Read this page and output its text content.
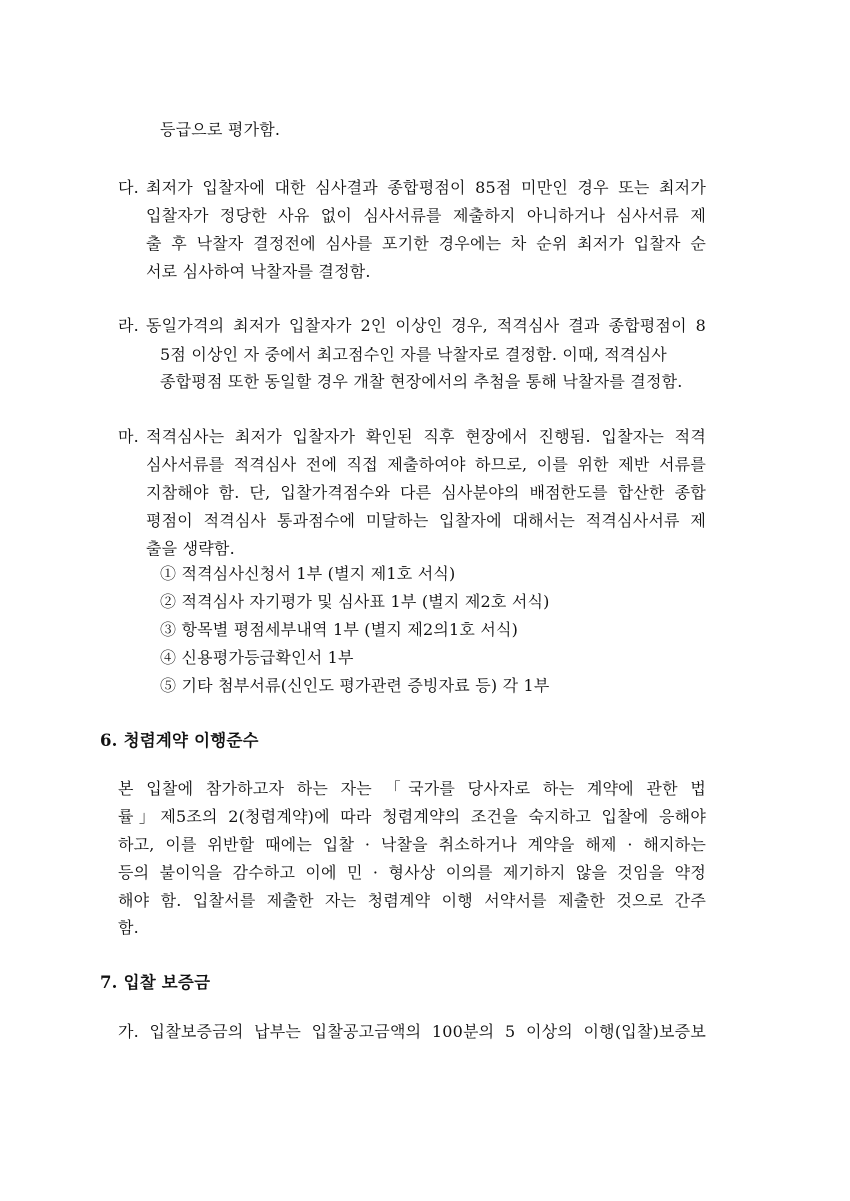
등급으로 평가함.
다. 최저가 입찰자에 대한 심사결과 종합평점이 85점 미만인 경우 또는 최저가
입찰자가 정당한 사유 없이 심사서류를 제출하지 아니하거나 심사서류 제
출 후 낙찰자 결정전에 심사를 포기한 경우에는 차 순위 최저가 입찰자 순
서로 심사하여 낙찰자를 결정함.
라. 동일가격의 최저가 입찰자가 2인 이상인 경우, 적격심사 결과 종합평점이 8
5점 이상인 자 중에서 최고점수인 자를 낙찰자로 결정함. 이때, 적격심사
종합평점 또한 동일할 경우 개찰 현장에서의 추첨을 통해 낙찰자를 결정함.
마. 적격심사는 최저가 입찰자가 확인된 직후 현장에서 진행됨. 입찰자는 적격
심사서류를 적격심사 전에 직접 제출하여야 하므로, 이를 위한 제반 서류를
지참해야 함. 단, 입찰가격점수와 다른 심사분야의 배점한도를 합산한 종합
평점이 적격심사 통과점수에 미달하는 입찰자에 대해서는 적격심사서류 제
출을 생략함.
① 적격심사신청서 1부 (별지 제1호 서식)
② 적격심사 자기평가 및 심사표 1부 (별지 제2호 서식)
③ 항목별 평점세부내역 1부 (별지 제2의1호 서식)
④ 신용평가등급확인서 1부
⑤ 기타 첨부서류(신인도 평가관련 증빙자료 등) 각 1부
6. 청렴계약 이행준수
본 입찰에 참가하고자 하는 자는 「국가를 당사자로 하는 계약에 관한 법
률」제5조의 2(청렴계약)에 따라 청렴계약의 조건을 숙지하고 입찰에 응해야
하고, 이를 위반할 때에는 입찰 · 낙찰을 취소하거나 계약을 해제 · 해지하는
등의 불이익을 감수하고 이에 민 · 형사상 이의를 제기하지 않을 것임을 약정
해야 함. 입찰서를 제출한 자는 청렴계약 이행 서약서를 제출한 것으로 간주
함.
7. 입찰 보증금
가. 입찰보증금의 납부는 입찰공고금액의 100분의 5 이상의 이행(입찰)보증보
